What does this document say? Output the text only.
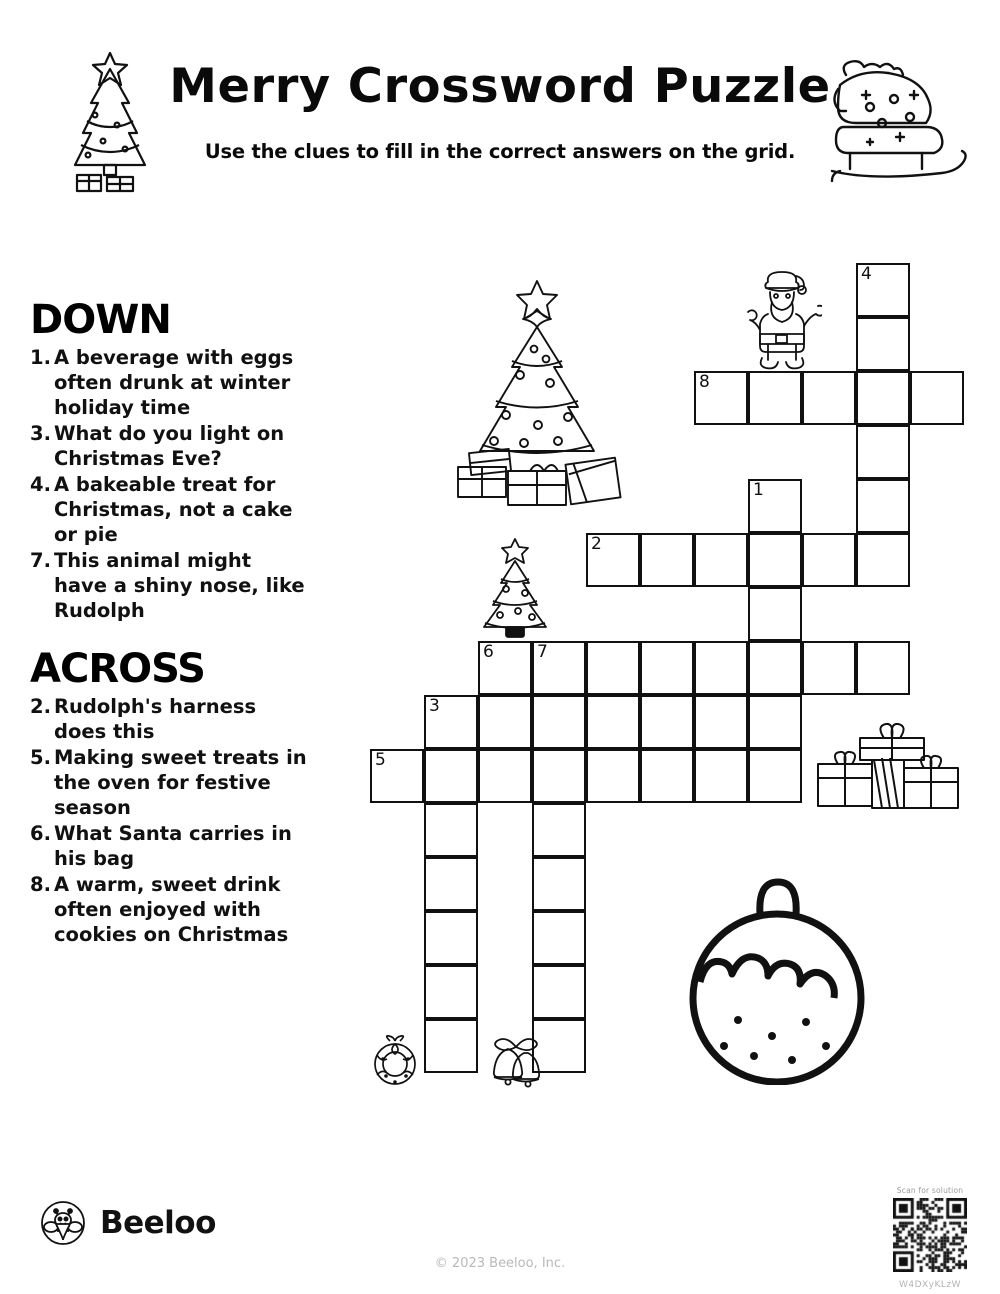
Merry Crossword Puzzle
Use the clues to fill in the correct answers on the grid.
DOWN
1. A beverage with eggs often drunk at winter holiday time
3. What do you light on Christmas Eve?
4. A bakeable treat for Christmas, not a cake or pie
7. This animal might have a shiny nose, like Rudolph
ACROSS
2. Rudolph's harness does this
5. Making sweet treats in the oven for festive season
6. What Santa carries in his bag
8. A warm, sweet drink often enjoyed with cookies on Christmas
4
8
1
2
6	7
3
5
Beeloo
© 2023 Beeloo, Inc.
Scan for solution
W4DXyKLzW
